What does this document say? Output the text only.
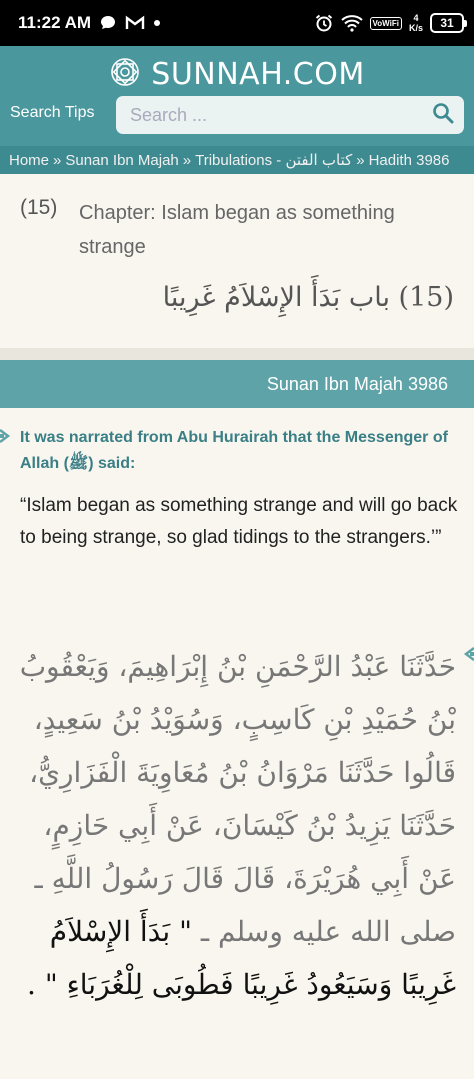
11:22 AM	VoWiFi	4
K/s 31
SUNNAH.COM
Search Tips
Search ...
Home » Sunan Ibn Majah » Tribulations - كتاب الفتن » Hadith 3986
(15) Chapter: Islam began as something strange
(15) باب بَدَأَ الإِسْلاَمُ غَرِيبًا
Sunan Ibn Majah 3986
It was narrated from Abu Hurairah that the Messenger of Allah (ﷺ) said:
“Islam began as something strange and will go back to being strange, so glad tidings to the strangers.’”
حَدَّثَنَا عَبْدُ الرَّحْمَنِ بْنُ إِبْرَاهِيمَ، وَيَعْقُوبُ بْنُ حُمَيْدِ بْنِ كَاسِبٍ، وَسُوَيْدُ بْنُ سَعِيدٍ، قَالُوا حَدَّثَنَا مَرْوَانُ بْنُ مُعَاوِيَةَ الْفَزَارِيُّ، حَدَّثَنَا يَزِيدُ بْنُ كَيْسَانَ، عَنْ أَبِي حَازِمٍ، عَنْ أَبِي هُرَيْرَةَ، قَالَ قَالَ رَسُولُ اللَّهِ ـ صلى الله عليه وسلم ـ " بَدَأَ الإِسْلاَمُ غَرِيبًا وَسَيَعُودُ غَرِيبًا فَطُوبَى لِلْغُرَبَاءِ " .
